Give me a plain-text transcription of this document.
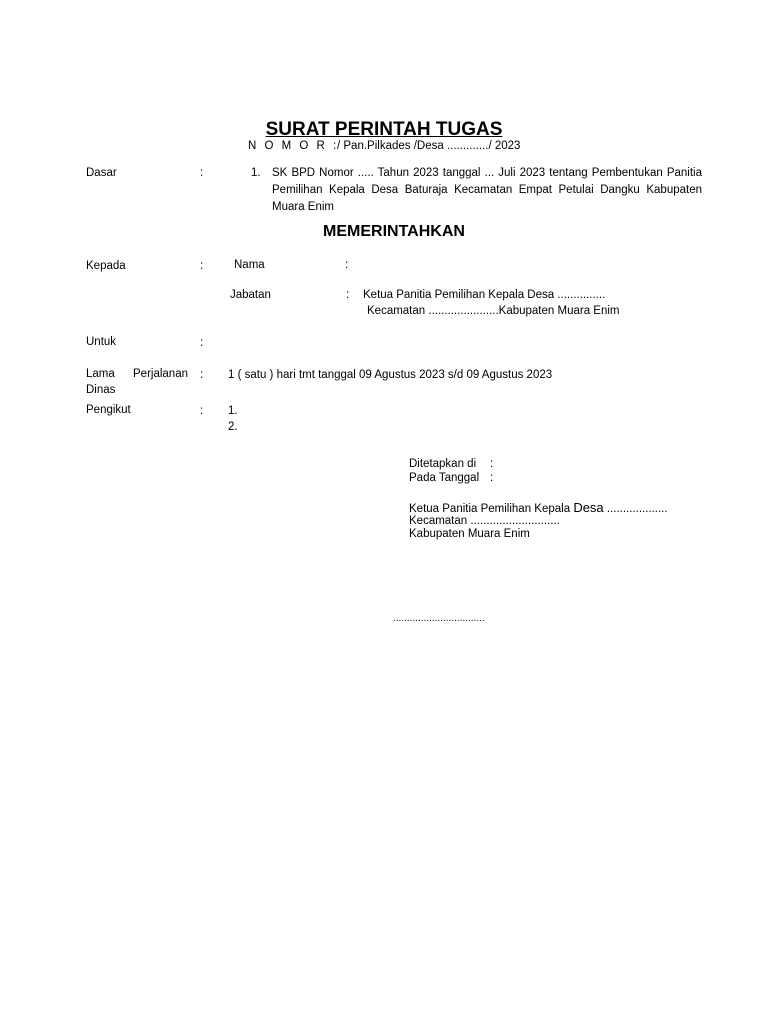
SURAT PERINTAH TUGAS
N O M O R :
/ Pan.Pilkades /Desa ............./ 2023
Dasar	:	1. SK BPD Nomor ..... Tahun 2023 tanggal ... Juli 2023 tentang Pembentukan Panitia Pemilihan Kepala Desa Baturaja Kecamatan Empat Petulai Dangku Kabupaten Muara Enim
MEMERINTAHKAN
Kepada	:	Nama	:
Jabatan	: Ketua Panitia Pemilihan Kepala Desa ...............
Kecamatan ......................Kabupaten Muara Enim
Untuk	:
Lama Perjalanan
Dinas
: 1 ( satu ) hari tmt tanggal 09 Agustus 2023 s/d 09 Agustus 2023
Pengikut	: 1.
2.
Ditetapkan di :
Pada Tanggal :
Ketua Panitia Pemilihan Kepala Desa ...................
Kecamatan ............................
Kabupaten Muara Enim
.................................
